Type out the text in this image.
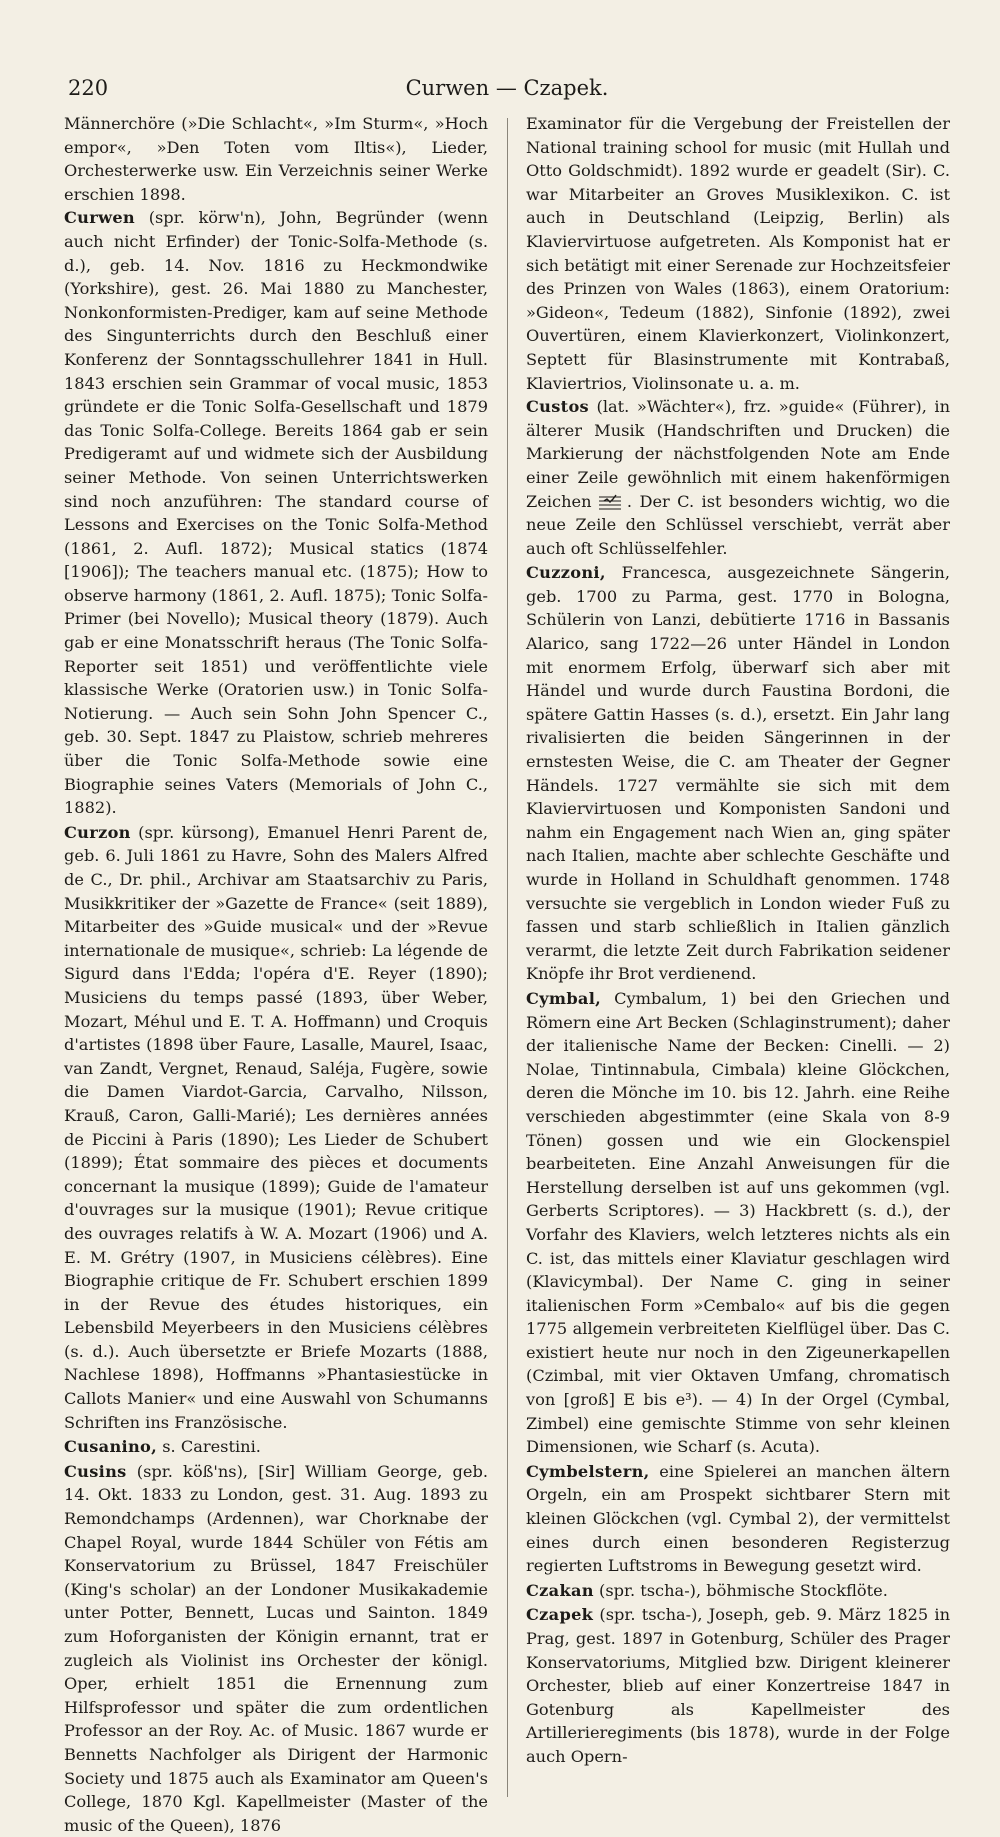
220	Curwen — Czapek.

Männerchöre (»Die Schlacht«, »Im Sturm«, »Hoch empor«, »Den Toten vom Iltis«), Lieder, Orchesterwerke usw. Ein Verzeichnis seiner Werke erschien 1898.

Curwen (spr. körw'n), John, Begründer (wenn auch nicht Erfinder) der Tonic-Solfa-Methode (s. d.), geb. 14. Nov. 1816 zu Heckmondwike (Yorkshire), gest. 26. Mai 1880 zu Manchester, Nonkonformisten-Prediger, kam auf seine Methode des Singunterrichts durch den Beschluß einer Konferenz der Sonntagsschullehrer 1841 in Hull. 1843 erschien sein Grammar of vocal music, 1853 gründete er die Tonic Solfa-Gesellschaft und 1879 das Tonic Solfa-College. Bereits 1864 gab er sein Predigeramt auf und widmete sich der Ausbildung seiner Methode. Von seinen Unterrichtswerken sind noch anzuführen: The standard course of Lessons and Exercises on the Tonic Solfa-Method (1861, 2. Aufl. 1872); Musical statics (1874 [1906]); The teachers manual etc. (1875); How to observe harmony (1861, 2. Aufl. 1875); Tonic Solfa-Primer (bei Novello); Musical theory (1879). Auch gab er eine Monatsschrift heraus (The Tonic Solfa-Reporter seit 1851) und veröffentlichte viele klassische Werke (Oratorien usw.) in Tonic Solfa-Notierung. — Auch sein Sohn John Spencer C., geb. 30. Sept. 1847 zu Plaistow, schrieb mehreres über die Tonic Solfa-Methode sowie eine Biographie seines Vaters (Memorials of John C., 1882).

Curzon (spr. kürsong), Emanuel Henri Parent de, geb. 6. Juli 1861 zu Havre, Sohn des Malers Alfred de C., Dr. phil., Archivar am Staatsarchiv zu Paris, Musikkritiker der »Gazette de France« (seit 1889), Mitarbeiter des »Guide musical« und der »Revue internationale de musique«, schrieb: La légende de Sigurd dans l'Edda; l'opéra d'E. Reyer (1890); Musiciens du temps passé (1893, über Weber, Mozart, Méhul und E. T. A. Hoffmann) und Croquis d'artistes (1898 über Faure, Lasalle, Maurel, Isaac, van Zandt, Vergnet, Renaud, Saléja, Fugère, sowie die Damen Viardot-Garcia, Carvalho, Nilsson, Krauß, Caron, Galli-Marié); Les dernières années de Piccini à Paris (1890); Les Lieder de Schubert (1899); État sommaire des pièces et documents concernant la musique (1899); Guide de l'amateur d'ouvrages sur la musique (1901); Revue critique des ouvrages relatifs à W. A. Mozart (1906) und A. E. M. Grétry (1907, in Musiciens célèbres). Eine Biographie critique de Fr. Schubert erschien 1899 in der Revue des études historiques, ein Lebensbild Meyerbeers in den Musiciens célèbres (s. d.). Auch übersetzte er Briefe Mozarts (1888, Nachlese 1898), Hoffmanns »Phantasiestücke in Callots Manier« und eine Auswahl von Schumanns Schriften ins Französische.

Cusanino, s. Carestini.

Cusins (spr. köß'ns), [Sir] William George, geb. 14. Okt. 1833 zu London, gest. 31. Aug. 1893 zu Remondchamps (Ardennen), war Chorknabe der Chapel Royal, wurde 1844 Schüler von Fétis am Konservatorium zu Brüssel, 1847 Freischüler (King's scholar) an der Londoner Musikakademie unter Potter, Bennett, Lucas und Sainton. 1849 zum Hoforganisten der Königin ernannt, trat er zugleich als Violinist ins Orchester der königl. Oper, erhielt 1851 die Ernennung zum Hilfsprofessor und später die zum ordentlichen Professor an der Roy. Ac. of Music. 1867 wurde er Bennetts Nachfolger als Dirigent der Harmonic Society und 1875 auch als Examinator am Queen's College, 1870 Kgl. Kapellmeister (Master of the music of the Queen), 1876

Examinator für die Vergebung der Freistellen der National training school for music (mit Hullah und Otto Goldschmidt). 1892 wurde er geadelt (Sir). C. war Mitarbeiter an Groves Musiklexikon. C. ist auch in Deutschland (Leipzig, Berlin) als Klaviervirtuose aufgetreten. Als Komponist hat er sich betätigt mit einer Serenade zur Hochzeitsfeier des Prinzen von Wales (1863), einem Oratorium: »Gideon«, Tedeum (1882), Sinfonie (1892), zwei Ouvertüren, einem Klavierkonzert, Violinkonzert, Septett für Blasinstrumente mit Kontrabaß, Klaviertrios, Violinsonate u. a. m.

Custos (lat. »Wächter«), frz. »guide« (Führer), in älterer Musik (Handschriften und Drucken) die Markierung der nächstfolgenden Note am Ende einer Zeile gewöhnlich mit einem hakenförmigen Zeichen . Der C. ist besonders wichtig, wo die neue Zeile den Schlüssel verschiebt, verrät aber auch oft Schlüsselfehler.

Cuzzoni, Francesca, ausgezeichnete Sängerin, geb. 1700 zu Parma, gest. 1770 in Bologna, Schülerin von Lanzi, debütierte 1716 in Bassanis Alarico, sang 1722—26 unter Händel in London mit enormem Erfolg, überwarf sich aber mit Händel und wurde durch Faustina Bordoni, die spätere Gattin Hasses (s. d.), ersetzt. Ein Jahr lang rivalisierten die beiden Sängerinnen in der ernstesten Weise, die C. am Theater der Gegner Händels. 1727 vermählte sie sich mit dem Klaviervirtuosen und Komponisten Sandoni und nahm ein Engagement nach Wien an, ging später nach Italien, machte aber schlechte Geschäfte und wurde in Holland in Schuldhaft genommen. 1748 versuchte sie vergeblich in London wieder Fuß zu fassen und starb schließlich in Italien gänzlich verarmt, die letzte Zeit durch Fabrikation seidener Knöpfe ihr Brot verdienend.

Cymbal, Cymbalum, 1) bei den Griechen und Römern eine Art Becken (Schlaginstrument); daher der italienische Name der Becken: Cinelli. — 2) Nolae, Tintinnabula, Cimbala) kleine Glöckchen, deren die Mönche im 10. bis 12. Jahrh. eine Reihe verschieden abgestimmter (eine Skala von 8-9 Tönen) gossen und wie ein Glockenspiel bearbeiteten. Eine Anzahl Anweisungen für die Herstellung derselben ist auf uns gekommen (vgl. Gerberts Scriptores). — 3) Hackbrett (s. d.), der Vorfahr des Klaviers, welch letzteres nichts als ein C. ist, das mittels einer Klaviatur geschlagen wird (Klavicymbal). Der Name C. ging in seiner italienischen Form »Cembalo« auf bis die gegen 1775 allgemein verbreiteten Kielflügel über. Das C. existiert heute nur noch in den Zigeunerkapellen (Czimbal, mit vier Oktaven Umfang, chromatisch von [groß] E bis e³). — 4) In der Orgel (Cymbal, Zimbel) eine gemischte Stimme von sehr kleinen Dimensionen, wie Scharf (s. Acuta).

Cymbelstern, eine Spielerei an manchen ältern Orgeln, ein am Prospekt sichtbarer Stern mit kleinen Glöckchen (vgl. Cymbal 2), der vermittelst eines durch einen besonderen Registerzug regierten Luftstroms in Bewegung gesetzt wird.

Czakan (spr. tscha-), böhmische Stockflöte.

Czapek (spr. tscha-), Joseph, geb. 9. März 1825 in Prag, gest. 1897 in Gotenburg, Schüler des Prager Konservatoriums, Mitglied bzw. Dirigent kleinerer Orchester, blieb auf einer Konzertreise 1847 in Gotenburg als Kapellmeister des Artillerieregiments (bis 1878), wurde in der Folge auch Opern-
